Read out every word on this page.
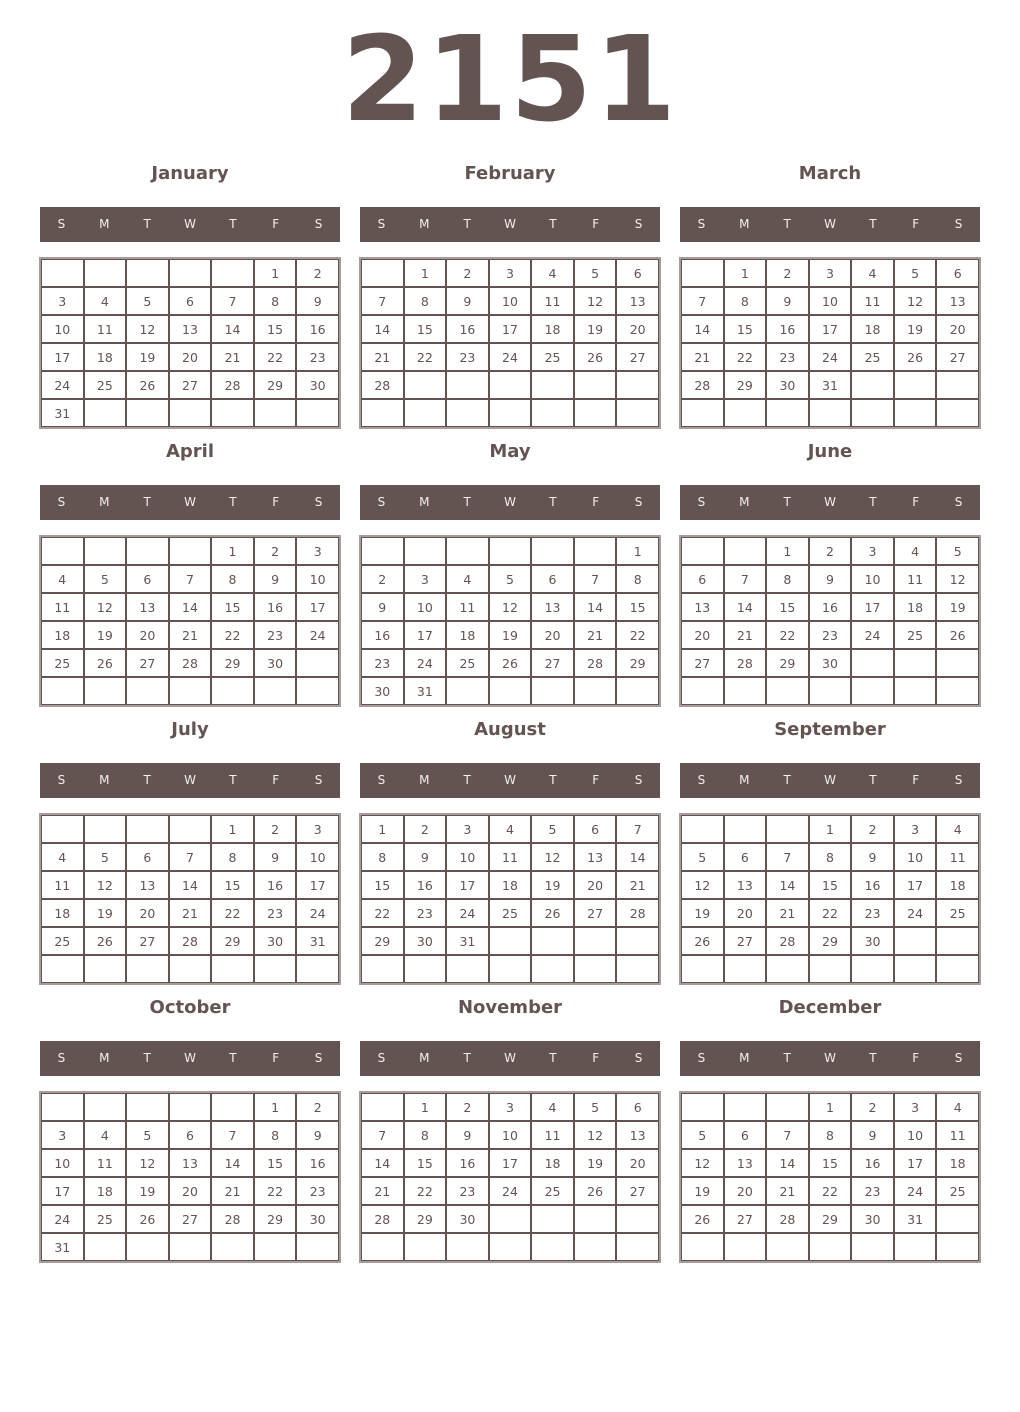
2151
January
S	M	T	W	T	F	S
					1	2
3	4	5	6	7	8	9
10	11	12	13	14	15	16
17	18	19	20	21	22	23
24	25	26	27	28	29	30
31						
February
S	M	T	W	T	F	S
	1	2	3	4	5	6
7	8	9	10	11	12	13
14	15	16	17	18	19	20
21	22	23	24	25	26	27
28						

March
S	M	T	W	T	F	S
	1	2	3	4	5	6
7	8	9	10	11	12	13
14	15	16	17	18	19	20
21	22	23	24	25	26	27
28	29	30	31			

April
S	M	T	W	T	F	S
				1	2	3
4	5	6	7	8	9	10
11	12	13	14	15	16	17
18	19	20	21	22	23	24
25	26	27	28	29	30	

May
S	M	T	W	T	F	S
						1
2	3	4	5	6	7	8
9	10	11	12	13	14	15
16	17	18	19	20	21	22
23	24	25	26	27	28	29
30	31					
June
S	M	T	W	T	F	S
		1	2	3	4	5
6	7	8	9	10	11	12
13	14	15	16	17	18	19
20	21	22	23	24	25	26
27	28	29	30			

July
S	M	T	W	T	F	S
				1	2	3
4	5	6	7	8	9	10
11	12	13	14	15	16	17
18	19	20	21	22	23	24
25	26	27	28	29	30	31

August
S	M	T	W	T	F	S
1	2	3	4	5	6	7
8	9	10	11	12	13	14
15	16	17	18	19	20	21
22	23	24	25	26	27	28
29	30	31				

September
S	M	T	W	T	F	S
			1	2	3	4
5	6	7	8	9	10	11
12	13	14	15	16	17	18
19	20	21	22	23	24	25
26	27	28	29	30		

October
S	M	T	W	T	F	S
					1	2
3	4	5	6	7	8	9
10	11	12	13	14	15	16
17	18	19	20	21	22	23
24	25	26	27	28	29	30
31						
November
S	M	T	W	T	F	S
	1	2	3	4	5	6
7	8	9	10	11	12	13
14	15	16	17	18	19	20
21	22	23	24	25	26	27
28	29	30				

December
S	M	T	W	T	F	S
			1	2	3	4
5	6	7	8	9	10	11
12	13	14	15	16	17	18
19	20	21	22	23	24	25
26	27	28	29	30	31	
